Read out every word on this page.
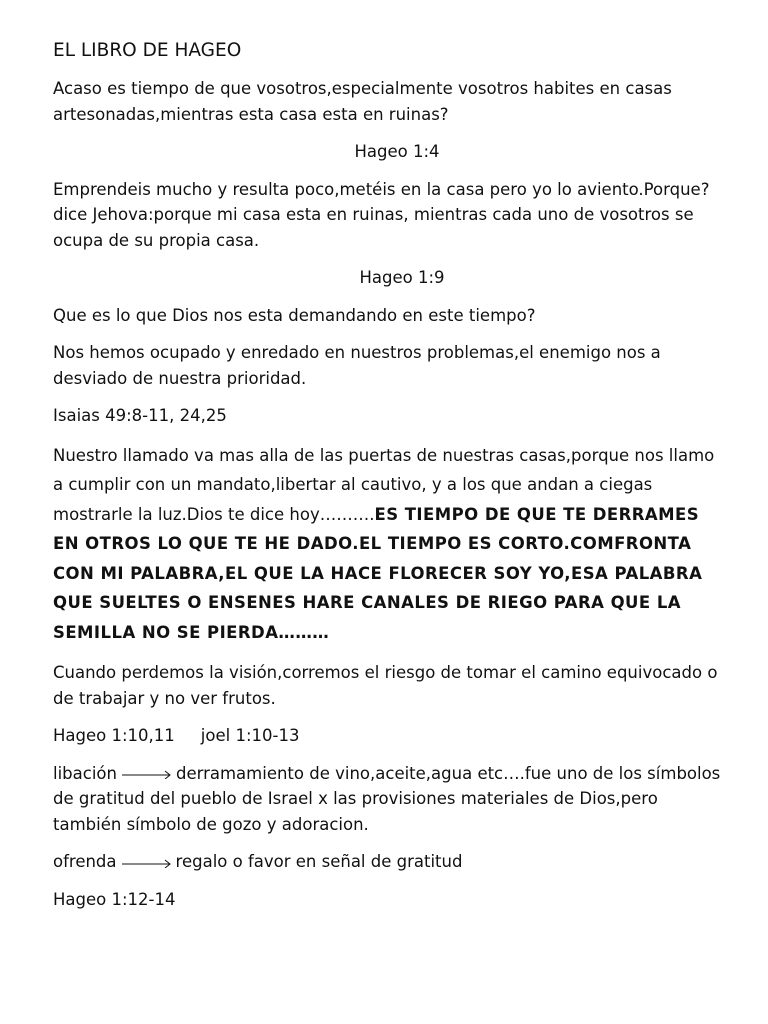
EL LIBRO DE HAGEO

Acaso es tiempo de que vosotros,especialmente vosotros habites en casas artesonadas,mientras esta casa esta en ruinas?

Hageo 1:4

Emprendeis mucho y resulta poco,metéis en la casa pero yo lo aviento.Porque? dice Jehova:porque mi casa esta en ruinas, mientras cada uno de vosotros se ocupa de su propia casa.

Hageo 1:9

Que es lo que Dios nos esta demandando en este tiempo?

Nos hemos ocupado y enredado en nuestros problemas,el enemigo nos a desviado de nuestra prioridad.

Isaias 49:8-11, 24,25

Nuestro llamado va mas alla de las puertas de nuestras casas,porque nos llamo a cumplir con un mandato,libertar al cautivo, y a los que andan a ciegas mostrarle la luz.Dios te dice hoy……….ES TIEMPO DE QUE TE DERRAMES EN OTROS LO QUE TE HE DADO.EL TIEMPO ES CORTO.COMFRONTA CON MI PALABRA,EL QUE LA HACE FLORECER SOY YO,ESA PALABRA QUE SUELTES O ENSENES HARE CANALES DE RIEGO PARA QUE LA SEMILLA NO SE PIERDA………

Cuando perdemos la visión,corremos el riesgo de tomar el camino equivocado o de trabajar y no ver frutos.

Hageo 1:10,11 joel 1:10-13

libación	derramamiento de vino,aceite,agua etc….fue uno de los símbolos de gratitud del pueblo de Israel x las provisiones materiales de Dios,pero también símbolo de gozo y adoracion.

ofrenda	regalo o favor en señal de gratitud

Hageo 1:12-14
